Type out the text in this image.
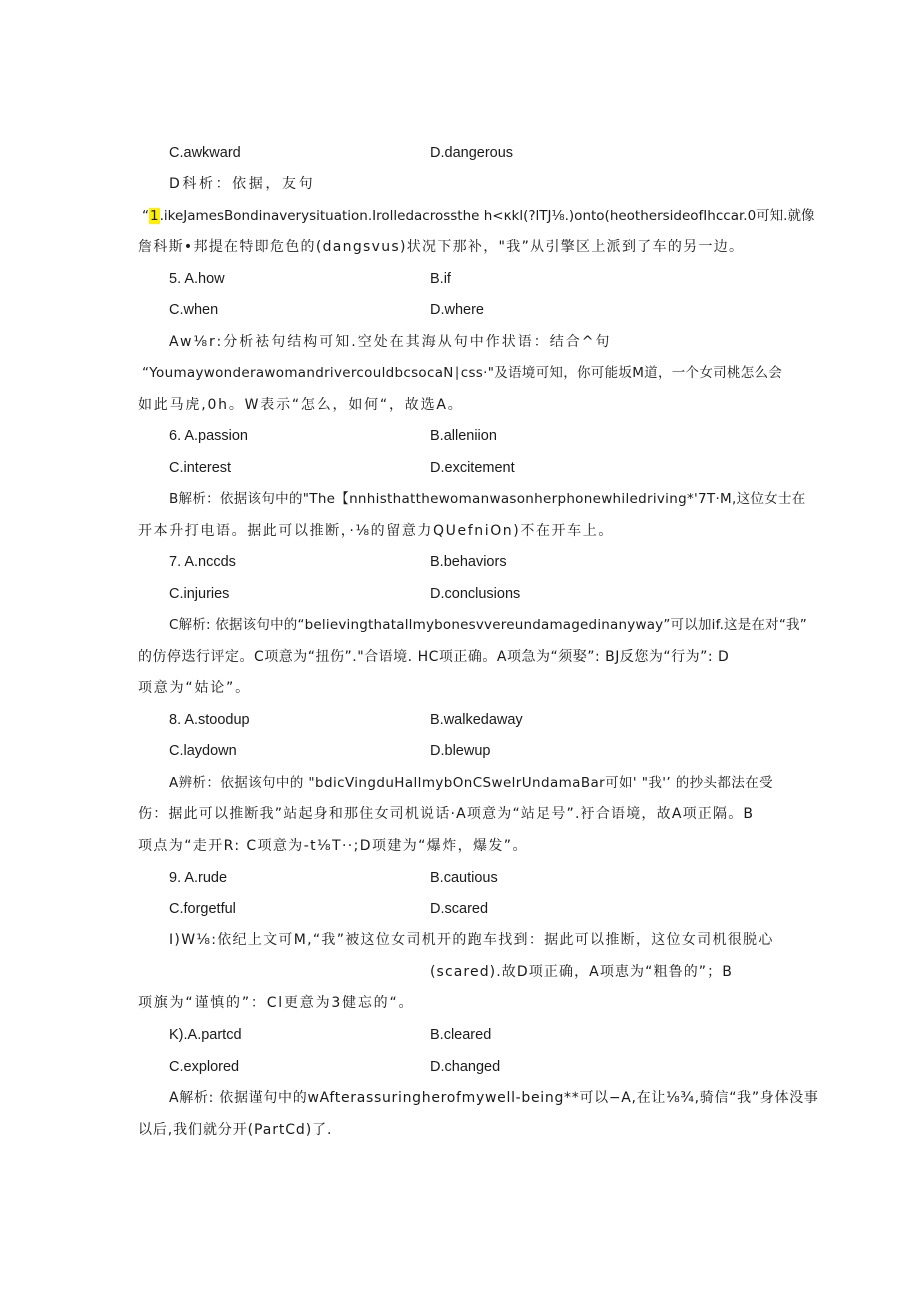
C.awkward	D.dangerous
D科析：依据，友句
“1.ikeJamesBondinaverysituation.Irolledacrossthe h<κkl(?lTJ⅛.)onto(heothersideofIhccar.0可知.就像
詹科斯•邦提在特即危色的(dangsvus)状况下那补，"我”从引擎区上派到了车的另一边。
5. A.how	B.if
C.when	D.where
Aw⅛r:分析袪句结构可知.空处在其海从句中作状语：结合^句
“YoumaywonderawomandrivercouldbcsocaN∣css·"及语境可知，你可能坂M道，一个女司桃怎么会
如此马虎,0h。W表示“怎么，如何“，故选A。
6. A.passion	B.alleniion
C.interest	D.excitement
B解析：依据该句中的"The【nnhisthatthewomanwasonherphonewhiledriving*'7T·M,这位女士在
开本升打电语。据此可以推断，·⅛的留意力QUefniOn)不在开车上。
7. A.nccds	B.behaviors
C.injuries	D.conclusions
C解析: 依据该句中的“believingthatallmybonesvvereundamagedinanyway”可以加if.这是在对“我”
的仿停迭行评定。C项意为“扭伤”."合语境. HC项正确。A项急为“须娶”: BJ反您为“行为”: D
项意为“姑论”。
8. A.stoodup	B.walkedaway
C.laydown	D.blewup
A辨析：依据该句中的 "bdicVingduHallmybOnCSwelrUndamaBar可如' "我'’ 的抄头都法在受
伤：据此可以推断我”站起身和那住女司机说话·A项意为“站足号”.衧合语境，故A项正隔。B
项点为“走开R: C项意为-t⅛T··;D项建为“爆炸，爆发”。
9. A.rude	B.cautious
C.forgetful	D.scared
I)W⅛:依纪上文可M,“我”被这位女司机开的跑车找到：据此可以推断，这位女司机很脱心
(scared).故D项正确，A项恵为“粗鲁的”；B
项旗为“谨慎的”：Cl更意为3健忘的“。
K).A.partcd	B.cleared
C.explored	D.changed
A解析: 依据谨句中的wAfterassuringherofmywell-being**可以−A,在让⅛¾,骑信“我”身体没事
以后,我们就分开(PartCd)了.
